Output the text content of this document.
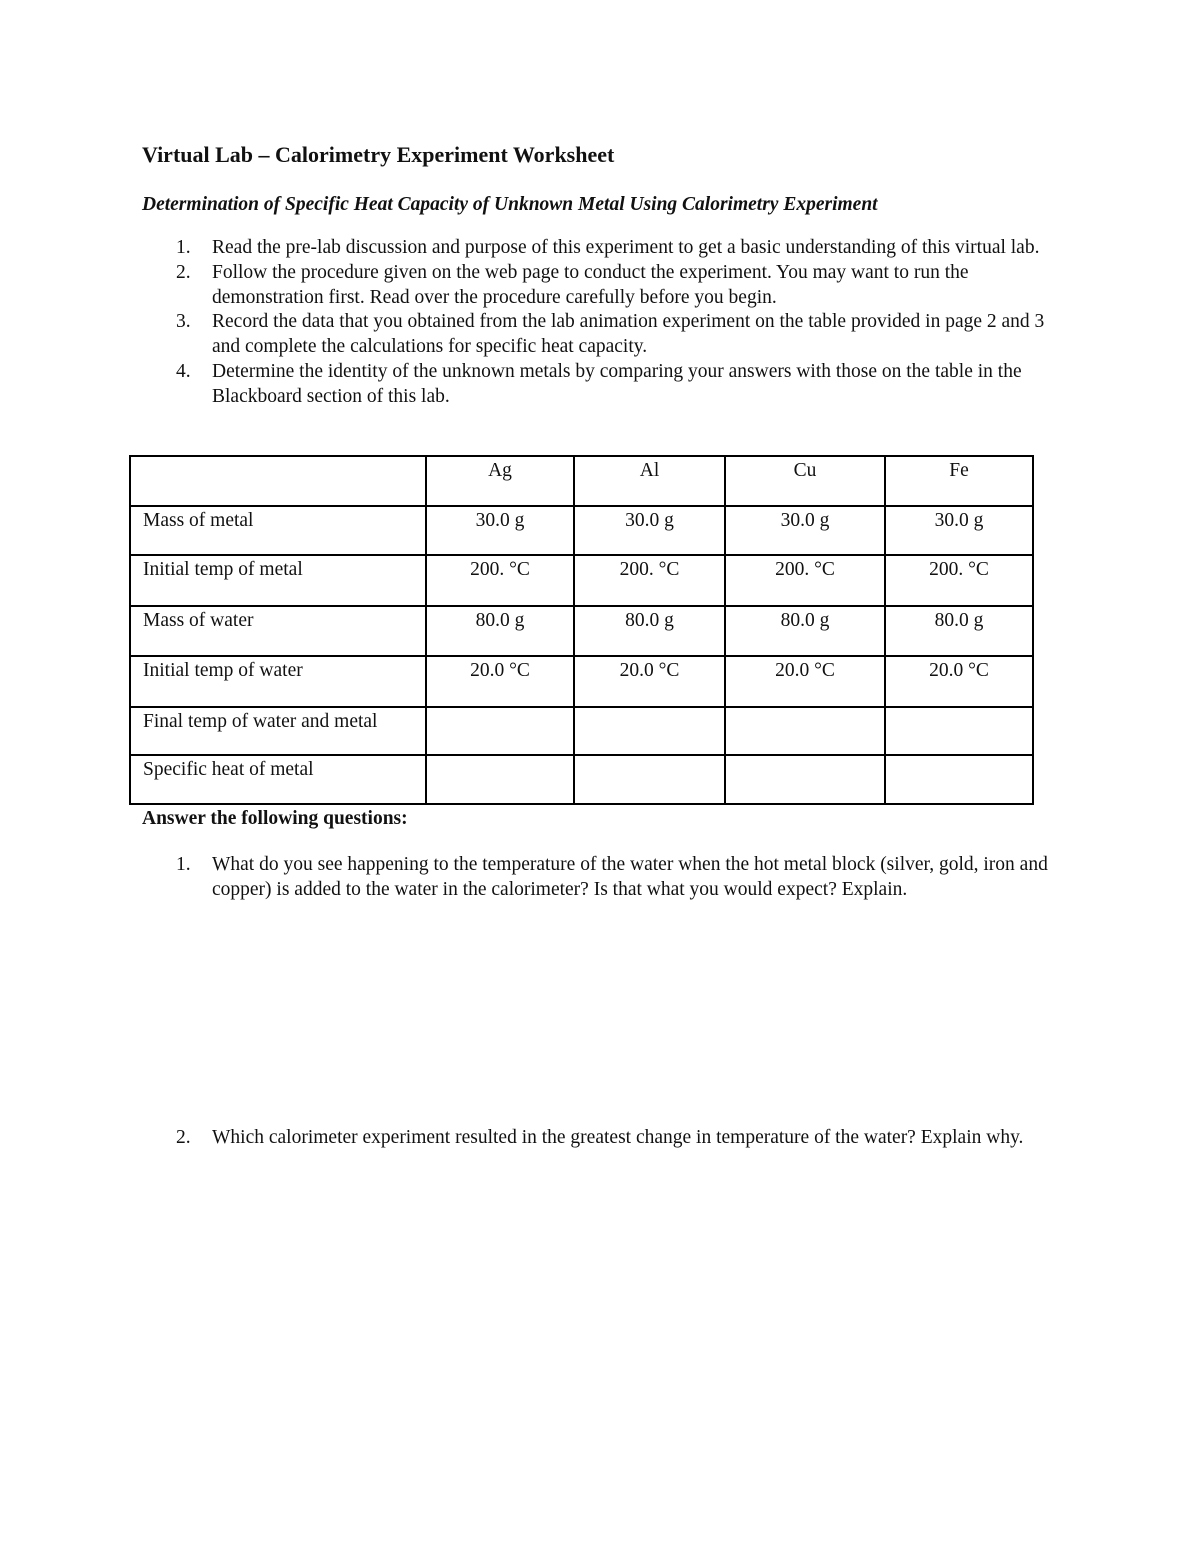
Virtual Lab – Calorimetry Experiment Worksheet
Determination of Specific Heat Capacity of Unknown Metal Using Calorimetry Experiment
1. Read the pre-lab discussion and purpose of this experiment to get a basic understanding of this virtual lab.
2. Follow the procedure given on the web page to conduct the experiment. You may want to run the demonstration first. Read over the procedure carefully before you begin.
3. Record the data that you obtained from the lab animation experiment on the table provided in page 2 and 3 and complete the calculations for specific heat capacity.
4. Determine the identity of the unknown metals by comparing your answers with those on the table in the Blackboard section of this lab.
	Ag	Al	Cu	Fe
Mass of metal	30.0 g	30.0 g	30.0 g	30.0 g
Initial temp of metal	200. °C	200. °C	200. °C	200. °C
Mass of water	80.0 g	80.0 g	80.0 g	80.0 g
Initial temp of water	20.0 °C	20.0 °C	20.0 °C	20.0 °C
Final temp of water and metal				
Specific heat of metal				
Answer the following questions:
1. What do you see happening to the temperature of the water when the hot metal block (silver, gold, iron and copper) is added to the water in the calorimeter? Is that what you would expect? Explain.
2. Which calorimeter experiment resulted in the greatest change in temperature of the water? Explain why.
